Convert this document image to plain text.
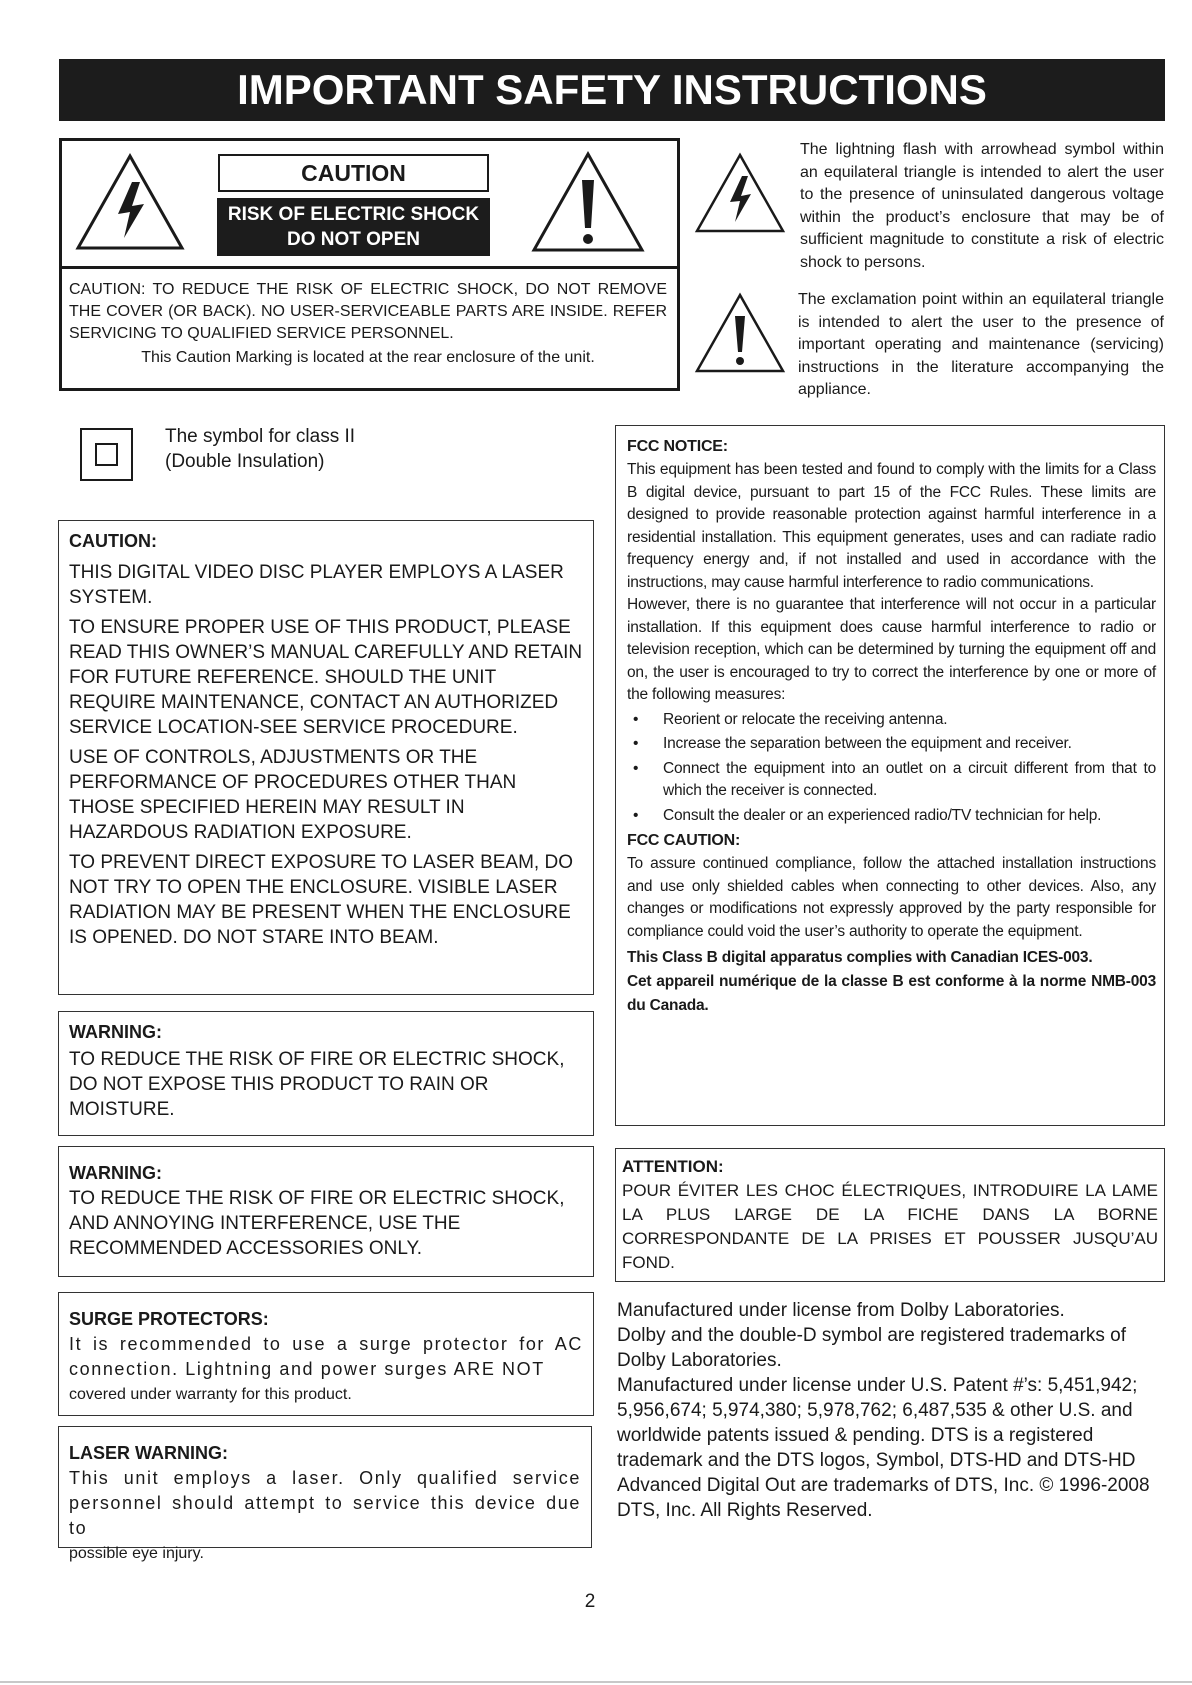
IMPORTANT SAFETY INSTRUCTIONS
CAUTION
RISK OF ELECTRIC SHOCK
DO NOT OPEN
CAUTION: TO REDUCE THE RISK OF ELECTRIC SHOCK, DO NOT REMOVE THE COVER (OR BACK). NO USER-SERVICEABLE PARTS ARE INSIDE. REFER SERVICING TO QUALIFIED SERVICE PERSONNEL.
This Caution Marking is located at the rear enclosure of the unit.
The lightning flash with arrowhead symbol within an equilateral triangle is intended to alert the user to the presence of uninsulated dangerous voltage within the product’s enclosure that may be of sufficient magnitude to constitute a risk of electric shock to persons.
The exclamation point within an equilateral triangle is intended to alert the user to the presence of important operating and maintenance (servicing) instructions in the literature accompanying the appliance.
The symbol for class II
(Double Insulation)
CAUTION:
THIS DIGITAL VIDEO DISC PLAYER EMPLOYS A LASER SYSTEM.
TO ENSURE PROPER USE OF THIS PRODUCT, PLEASE READ THIS OWNER’S MANUAL CAREFULLY AND RETAIN FOR FUTURE REFERENCE. SHOULD THE UNIT REQUIRE MAINTENANCE, CONTACT AN AUTHORIZED SERVICE LOCATION-SEE SERVICE PROCEDURE.
USE OF CONTROLS, ADJUSTMENTS OR THE PERFORMANCE OF PROCEDURES OTHER THAN THOSE SPECIFIED HEREIN MAY RESULT IN HAZARDOUS RADIATION EXPOSURE.
TO PREVENT DIRECT EXPOSURE TO LASER BEAM, DO NOT TRY TO OPEN THE ENCLOSURE. VISIBLE LASER RADIATION MAY BE PRESENT WHEN THE ENCLOSURE IS OPENED. DO NOT STARE INTO BEAM.
WARNING:
TO REDUCE THE RISK OF FIRE OR ELECTRIC SHOCK, DO NOT EXPOSE THIS PRODUCT TO RAIN OR MOISTURE.
WARNING:
TO REDUCE THE RISK OF FIRE OR ELECTRIC SHOCK, AND ANNOYING INTERFERENCE, USE THE RECOMMENDED ACCESSORIES ONLY.
SURGE PROTECTORS:
It is recommended to use a surge protector for AC connection. Lightning and power surges ARE NOT
covered under warranty for this product.
LASER WARNING:
This unit employs a laser. Only qualified service personnel should attempt to service this device due to
possible eye injury.
FCC NOTICE:
This equipment has been tested and found to comply with the limits for a Class B digital device, pursuant to part 15 of the FCC Rules. These limits are designed to provide reasonable protection against harmful interference in a residential installation. This equipment generates, uses and can radiate radio frequency energy and, if not installed and used in accordance with the instructions, may cause harmful interference to radio communications.
However, there is no guarantee that interference will not occur in a particular installation. If this equipment does cause harmful interference to radio or television reception, which can be determined by turning the equipment off and on, the user is encouraged to try to correct the interference by one or more of the following measures:
• Reorient or relocate the receiving antenna.
• Increase the separation between the equipment and receiver.
• Connect the equipment into an outlet on a circuit different from that to which the receiver is connected.
• Consult the dealer or an experienced radio/TV technician for help.
FCC CAUTION:
To assure continued compliance, follow the attached installation instructions and use only shielded cables when connecting to other devices. Also, any changes or modifications not expressly approved by the party responsible for compliance could void the user’s authority to operate the equipment.
This Class B digital apparatus complies with Canadian ICES-003.
Cet appareil numérique de la classe B est conforme à la norme NMB-003 du Canada.
ATTENTION:
POUR ÉVITER LES CHOC ÉLECTRIQUES, INTRODUIRE LA LAME LA PLUS LARGE DE LA FICHE DANS LA BORNE CORRESPONDANTE DE LA PRISES ET POUSSER JUSQU’AU FOND.
Manufactured under license from Dolby Laboratories.
Dolby and the double-D symbol are registered trademarks of Dolby Laboratories.
Manufactured under license under U.S. Patent #’s: 5,451,942; 5,956,674; 5,974,380; 5,978,762; 6,487,535 & other U.S. and worldwide patents issued & pending. DTS is a registered trademark and the DTS logos, Symbol, DTS-HD and DTS-HD Advanced Digital Out are trademarks of DTS, Inc. © 1996-2008 DTS, Inc. All Rights Reserved.
2
